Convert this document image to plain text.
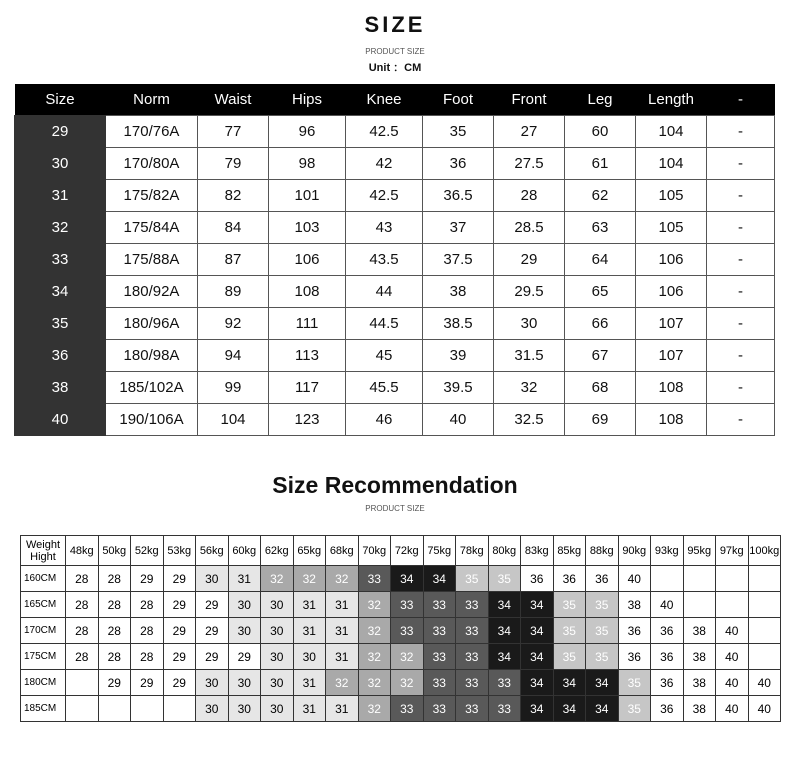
SIZE
PRODUCT SIZE
Unit ：CM
Size	Norm	Waist	Hips	Knee	Foot	Front	Leg	Length	-
29	170/76A	77	96	42.5	35	27	60	104	-
30	170/80A	79	98	42	36	27.5	61	104	-
31	175/82A	82	101	42.5	36.5	28	62	105	-
32	175/84A	84	103	43	37	28.5	63	105	-
33	175/88A	87	106	43.5	37.5	29	64	106	-
34	180/92A	89	108	44	38	29.5	65	106	-
35	180/96A	92	111	44.5	38.5	30	66	107	-
36	180/98A	94	113	45	39	31.5	67	107	-
38	185/102A	99	117	45.5	39.5	32	68	108	-
40	190/106A	104	123	46	40	32.5	69	108	-
Size Recommendation
PRODUCT SIZE
Weight
Hight	48kg	50kg	52kg	53kg	56kg	60kg	62kg	65kg	68kg	70kg	72kg	75kg	78kg	80kg	83kg	85kg	88kg	90kg	93kg	95kg	97kg	100kg
160CM	28	28	29	29	30	31	32	32	32	33	34	34	35	35	36	36	36	40				
165CM	28	28	28	29	29	30	30	31	31	32	33	33	33	34	34	35	35	38	40			
170CM	28	28	28	29	29	30	30	31	31	32	33	33	33	34	34	35	35	36	36	38	40	
175CM	28	28	28	29	29	29	30	30	31	32	32	33	33	34	34	35	35	36	36	38	40	
180CM		29	29	29	30	30	30	31	32	32	32	33	33	33	34	34	34	35	36	38	40	40
185CM					30	30	30	31	31	32	33	33	33	33	34	34	34	35	36	38	40	40
